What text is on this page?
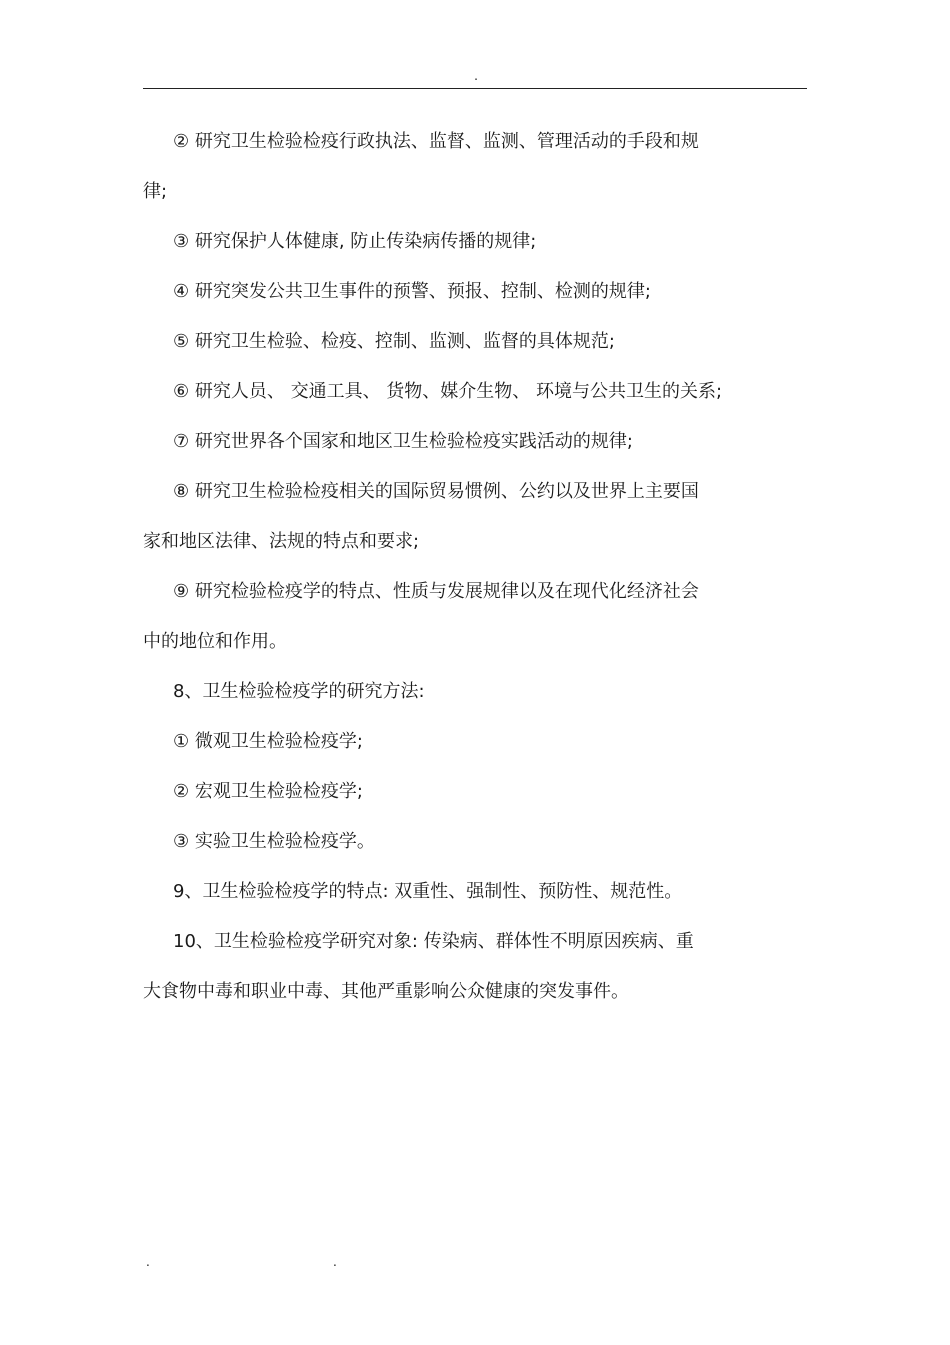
.
② 研究卫生检验检疫行政执法、监督、监测、管理活动的手段和规
律;
③ 研究保护人体健康, 防止传染病传播的规律;
④ 研究突发公共卫生事件的预警、预报、控制、检测的规律;
⑤ 研究卫生检验、检疫、控制、监测、监督的具体规范;
⑥ 研究人员、 交通工具、 货物、媒介生物、 环境与公共卫生的关系;
⑦ 研究世界各个国家和地区卫生检验检疫实践活动的规律;
⑧ 研究卫生检验检疫相关的国际贸易惯例、公约以及世界上主要国
家和地区法律、法规的特点和要求;
⑨ 研究检验检疫学的特点、性质与发展规律以及在现代化经济社会
中的地位和作用。
8、卫生检验检疫学的研究方法:
① 微观卫生检验检疫学;
② 宏观卫生检验检疫学;
③ 实验卫生检验检疫学。
9、卫生检验检疫学的特点: 双重性、强制性、预防性、规范性。
10、卫生检验检疫学研究对象: 传染病、群体性不明原因疾病、重
大食物中毒和职业中毒、其他严重影响公众健康的突发事件。
.	.
